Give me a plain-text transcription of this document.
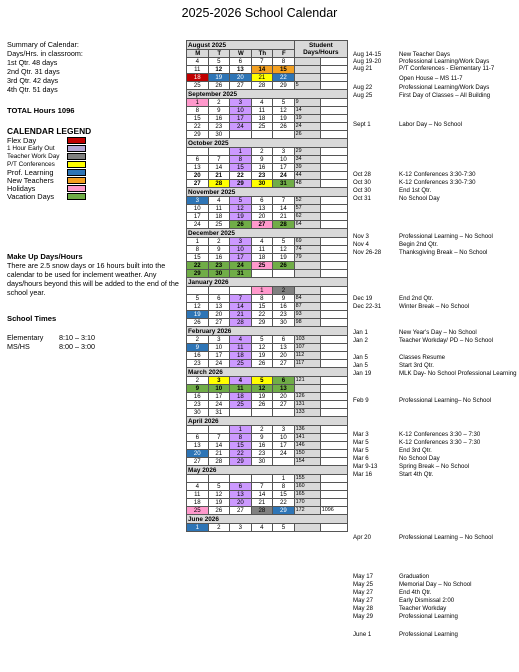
2025-2026 School Calendar
Summary of Calendar:
Days/Hrs. in classroom:
1st Qtr. 48 days
2nd Qtr. 31 days
3rd Qtr. 42 days
4th Qtr. 51 days
TOTAL Hours 1096
CALENDAR LEGEND
Flex Day
1 Hour Early Out
Teacher Work Day
P/T Conferences
Prof. Learning
New Teachers
Holidays
Vacation Days
Make Up Days/Hours
There are 2.5 snow days or 16 hours built into the calendar to be used for inclement weather. Any days/hours beyond this will be added to the end of the school year.
School Times
Elementary	8:10 – 3:10
MS/HS	8:00 – 3:00
August 2025					Student Days/Hours	
M	T	W	Th	F		
4	5	6	7	8		
11	12	13	14	15		
18	19	20	21	22		
25	26	27	28	29	5	
September 2025						
1	2	3	4	5	9	
8	9	10	11	12	14	
15	16	17	18	19	19	
22	23	24	25	26	24	
29	30				26	
October 2025						
		1	2	3	29	
6	7	8	9	10	34	
13	14	15	16	17	39	
20	21	22	23	24	44	
27	28	29	30	31	48	
November 2025						
3	4	5	6	7	52	
10	11	12	13	14	57	
17	18	19	20	21	62	
24	25	26	27	28	64	
December 2025						
1	2	3	4	5	69	
8	9	10	11	12	74	
15	16	17	18	19	79	
22	23	24	25	26		
29	30	31				
January 2026						
			1	2		
5	6	7	8	9	84	
12	13	14	15	16	87	
19	20	21	22	23	93	
26	27	28	29	30	98	
February 2026						
2	3	4	5	6	103	
9	10	11	12	13	107	
16	17	18	19	20	112	
23	24	25	26	27	117	
March 2026						
2	3	4	5	6	121	
9	10	11	12	13		
16	17	18	19	20	126	
23	24	25	26	27	131	
30	31				133	
April 2026						
		1	2	3	136	
6	7	8	9	10	141	
13	14	15	16	17	146	
20	21	22	23	24	150	
27	28	29	30		154	
May 2026						
				1	155	
4	5	6	7	8	160	
11	12	13	14	15	165	
18	19	20	21	22	170	
25	26	27	28	29	172	1096
June 2026						
1	2	3	4	5		
Aug 14-15	New Teacher Days
Aug 19-20	Professional Learning/Work Days
Aug 21	P/T Conferences - Elementary 11-7
Open House – MS 11-7
Aug 22	Professional Learning/Work Days
Aug 25	First Day of Classes – All Building
Sept 1	Labor Day – No School
Oct 28	K-12 Conferences 3:30-7:30
Oct 30	K-12 Conferences 3:30-7:30
Oct 30	End 1st Qtr.
Oct 31	No School Day
Nov 3	Professional Learning – No School
Nov 4	Begin 2nd Qtr.
Nov 26-28	Thanksgiving Break – No School
Dec 19	End 2nd Qtr.
Dec 22-31	Winter Break – No School
Jan 1	New Year's Day – No School
Jan 2	Teacher Workday/ PD – No School
Jan 5	Classes Resume
Jan 5	Start 3rd Qtr.
Jan 19	MLK Day- No School Professional Learning
Feb 9	Professional Learning– No School
Mar 3	K-12 Conferences 3:30 – 7:30
Mar 5	K-12 Conferences 3:30 – 7:30
Mar 5	End 3rd Qtr.
Mar 6	No School Day
Mar 9-13	Spring Break – No School
Mar 16	Start 4th Qtr.
Apr 20	Professional Learning – No School
May 17	Graduation
May 25	Memorial Day – No School
May 27	End 4th Qtr.
May 27	Early Dismissal 2:00
May 28	Teacher Workday
May 29	Professional Learning
June 1	Professional Learning
